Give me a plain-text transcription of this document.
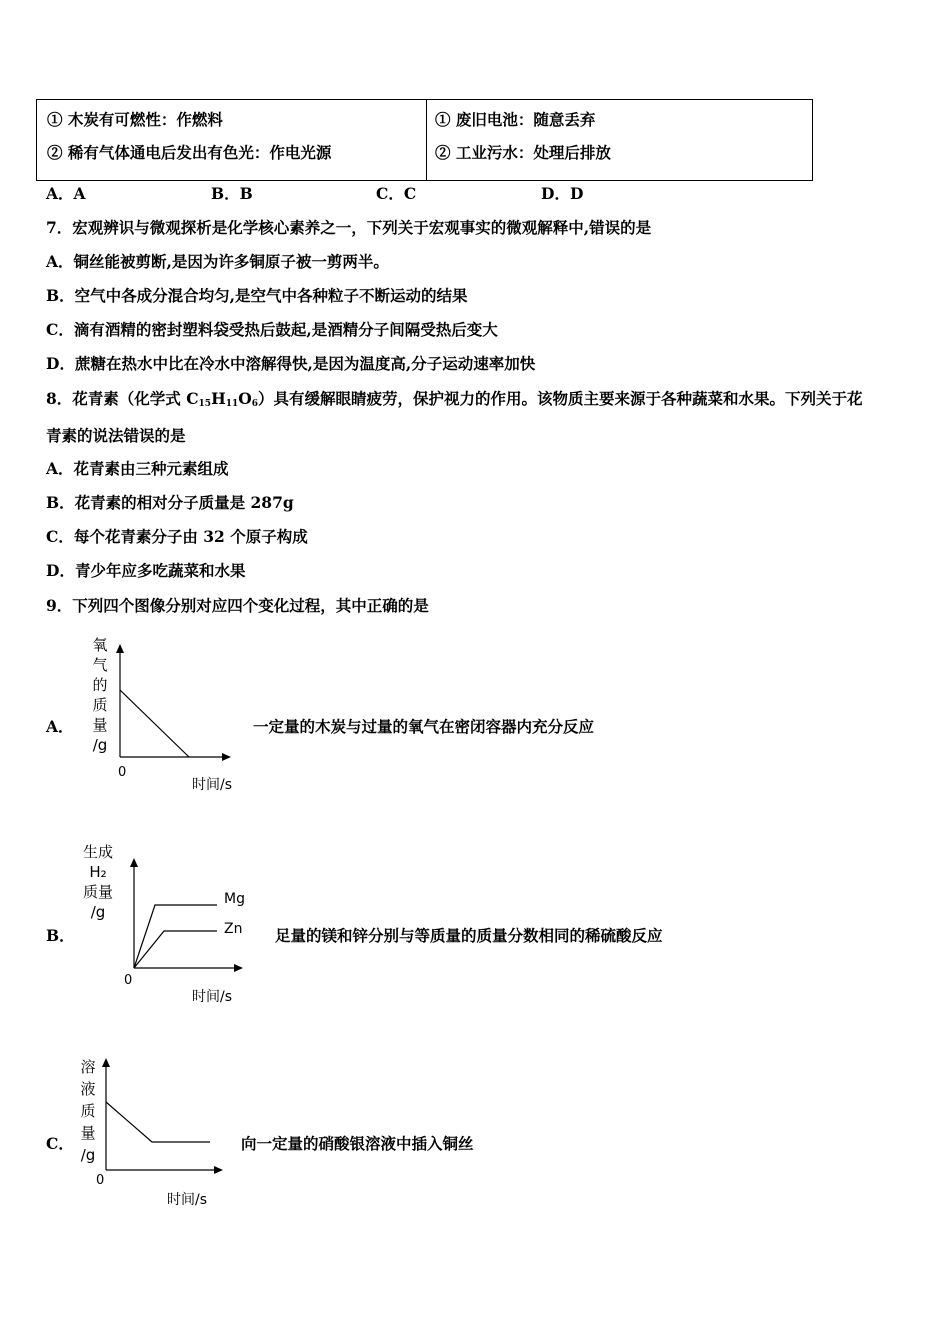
① 木炭有可燃性：作燃料
② 稀有气体通电后发出有色光：作电光源
① 废旧电池：随意丢弃
② 工业污水：处理后排放
A．A	B．B	C．C	D．D
7．宏观辨识与微观探析是化学核心素养之一，下列关于宏观事实的微观解释中,错误的是
A．铜丝能被剪断,是因为许多铜原子被一剪两半。
B．空气中各成分混合均匀,是空气中各种粒子不断运动的结果
C．滴有酒精的密封塑料袋受热后鼓起,是酒精分子间隔受热后变大
D．蔗糖在热水中比在冷水中溶解得快,是因为温度高,分子运动速率加快
8．花青素（化学式 $C_{15}H_{11}O_6$）具有缓解眼睛疲劳，保护视力的作用。该物质主要来源于各种蔬菜和水果。下列关于花
青素的说法错误的是
A．花青素由三种元素组成
B．花青素的相对分子质量是 287g
C．每个花青素分子由 32 个原子构成
D．青少年应多吃蔬菜和水果
9．下列四个图像分别对应四个变化过程，其中正确的是
A．
氧
气
的
质
量
/g
0
时间/s
一定量的木炭与过量的氧气在密闭容器内充分反应
B．
生成
H₂
质量
/g
Mg
Zn
0
时间/s
足量的镁和锌分别与等质量的质量分数相同的稀硫酸反应
C．
溶
液
质
量
/g
0
时间/s
向一定量的硝酸银溶液中插入铜丝
